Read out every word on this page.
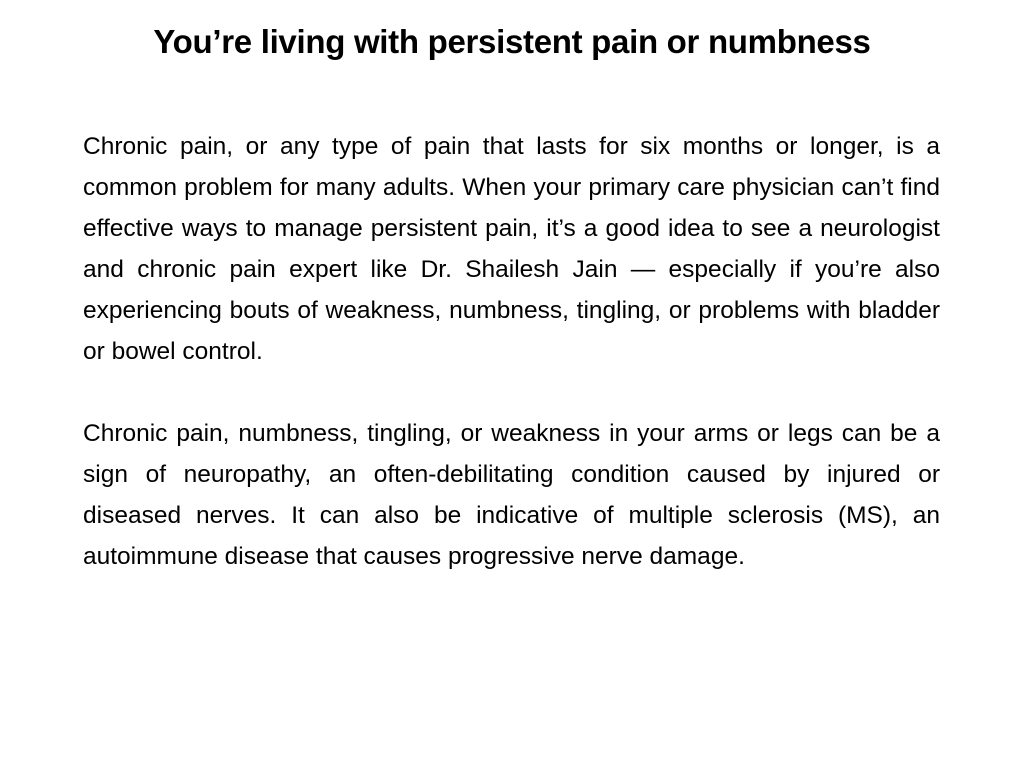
You’re living with persistent pain or numbness

Chronic pain, or any type of pain that lasts for six months or longer, is a common problem for many adults. When your primary care physician can’t find effective ways to manage persistent pain, it’s a good idea to see a neurologist and chronic pain expert like Dr. Shailesh Jain — especially if you’re also experiencing bouts of weakness, numbness, tingling, or problems with bladder or bowel control.

Chronic pain, numbness, tingling, or weakness in your arms or legs can be a sign of neuropathy, an often-debilitating condition caused by injured or diseased nerves. It can also be indicative of multiple sclerosis (MS), an autoimmune disease that causes progressive nerve damage.
